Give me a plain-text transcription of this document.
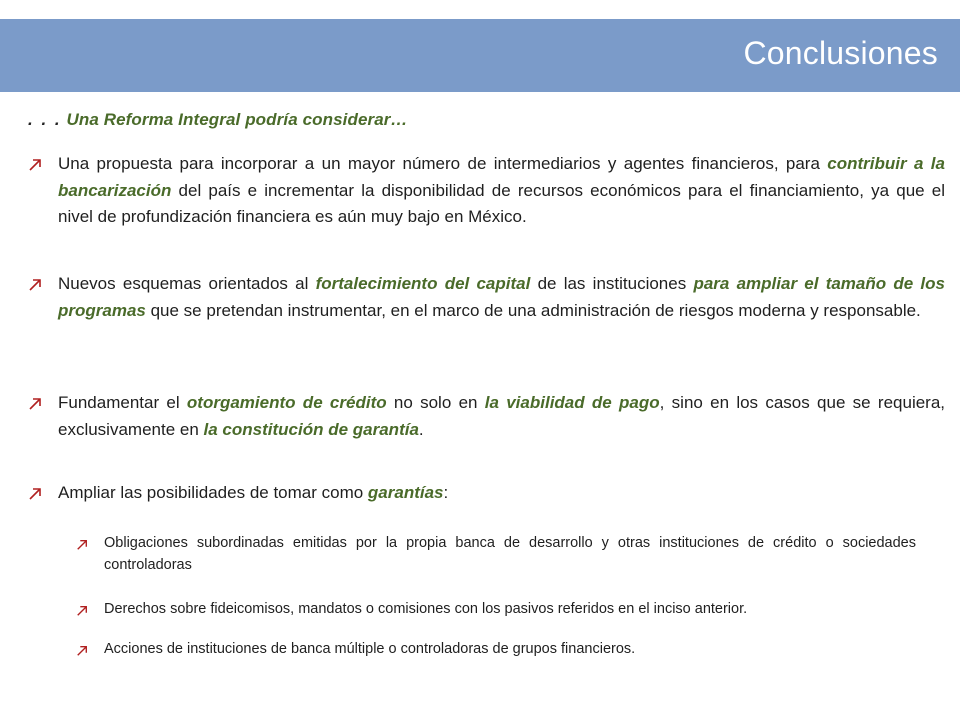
Conclusiones
. . . Una Reforma Integral podría considerar…
Una propuesta para incorporar a un mayor número de intermediarios y agentes financieros, para contribuir a la bancarización del país e incrementar la disponibilidad de recursos económicos para el financiamiento, ya que el nivel de profundización financiera es aún muy bajo en México.
Nuevos esquemas orientados al fortalecimiento del capital de las instituciones para ampliar el tamaño de los programas que se pretendan instrumentar, en el marco de una administración de riesgos moderna y responsable.
Fundamentar el otorgamiento de crédito no solo en la viabilidad de pago, sino en los casos que se requiera, exclusivamente en la constitución de garantía.
Ampliar las posibilidades de tomar como garantías:
Obligaciones subordinadas emitidas por la propia banca de desarrollo y otras instituciones de crédito o sociedades controladoras
Derechos sobre fideicomisos, mandatos o comisiones con los pasivos referidos en el inciso anterior.
Acciones de instituciones de banca múltiple o controladoras de grupos financieros.
